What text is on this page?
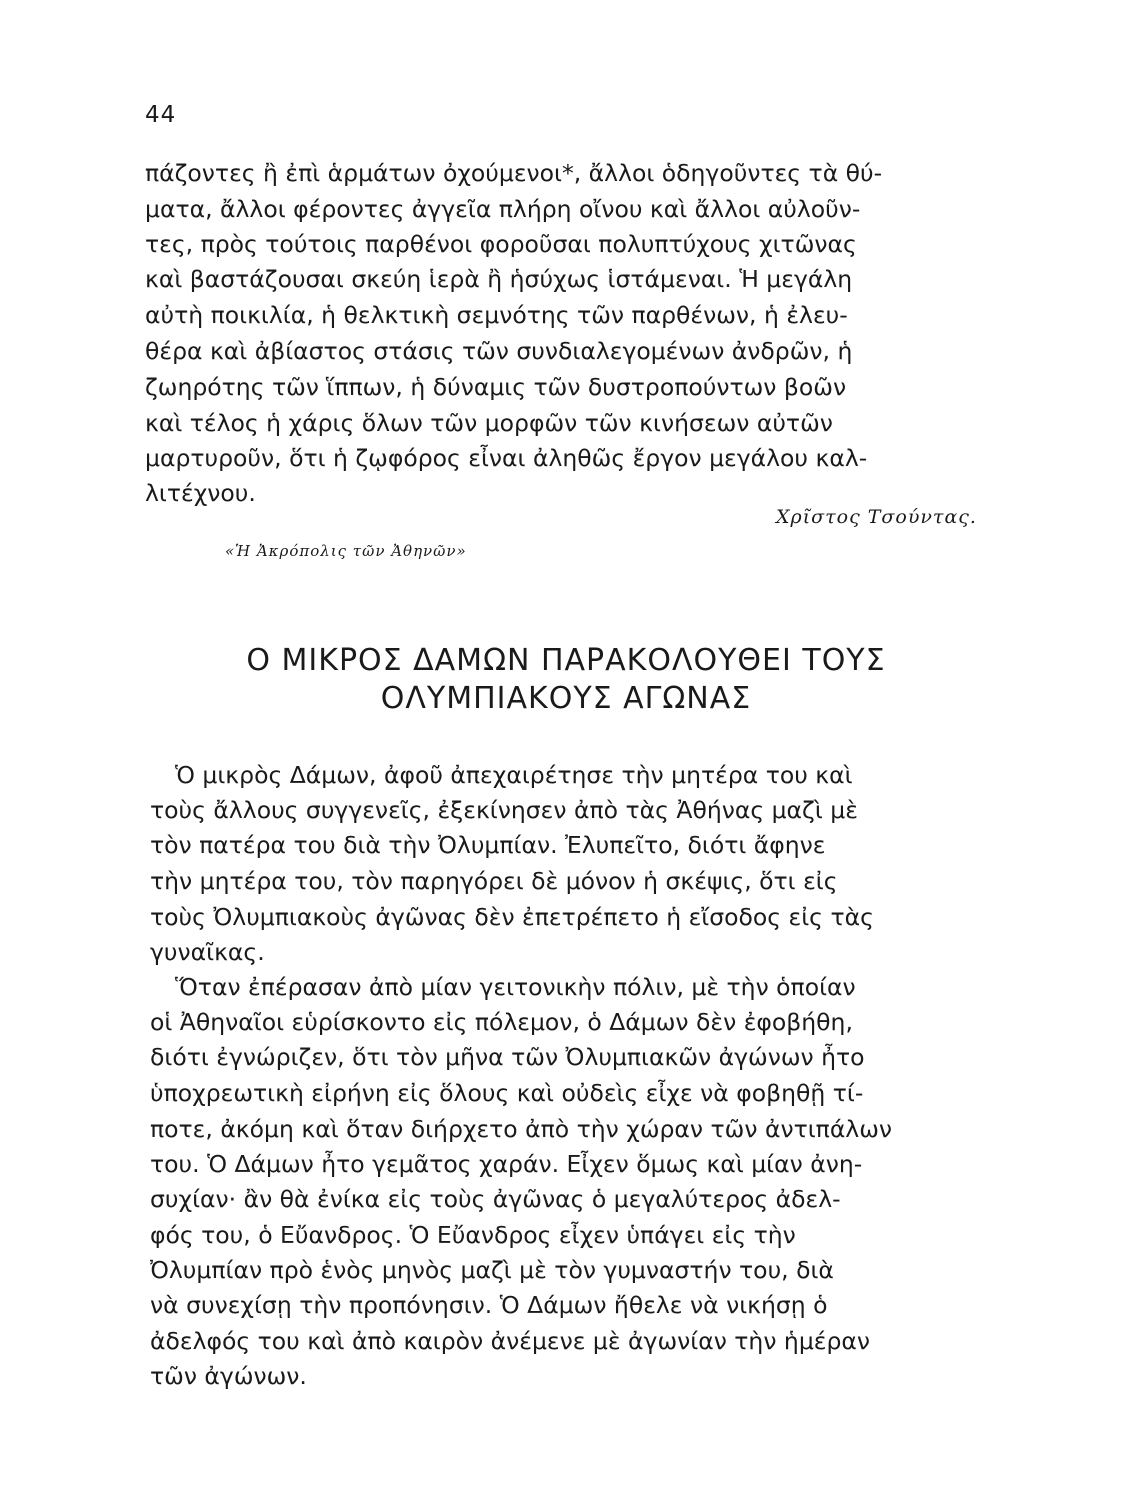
44
πάζοντες ἢ ἐπὶ ἁρμάτων ὀχούμενοι*, ἄλλοι ὁδηγοῦντες τὰ θύ-
ματα, ἄλλοι φέροντες ἀγγεῖα πλήρη οἴνου καὶ ἄλλοι αὐλοῦν-
τες, πρὸς τούτοις παρθένοι φοροῦσαι πολυπτύχους χιτῶνας
καὶ βαστάζουσαι σκεύη ἱερὰ ἢ ἡσύχως ἱστάμεναι. Ἡ μεγάλη
αὐτὴ ποικιλία, ἡ θελκτικὴ σεμνότης τῶν παρθένων, ἡ ἐλευ-
θέρα καὶ ἀβίαστος στάσις τῶν συνδιαλεγομένων ἀνδρῶν, ἡ
ζωηρότης τῶν ἵππων, ἡ δύναμις τῶν δυστροπούντων βοῶν
καὶ τέλος ἡ χάρις ὅλων τῶν μορφῶν τῶν κινήσεων αὐτῶν
μαρτυροῦν, ὅτι ἡ ζῳφόρος εἶναι ἀληθῶς ἔργον μεγάλου καλ-
λιτέχνου.
Χρῖστος Τσούντας.
«Ἡ Ἀκρόπολις τῶν Ἀθηνῶν»
Ο ΜΙΚΡΟΣ ΔΑΜΩΝ ΠΑΡΑΚΟΛΟΥΘΕΙ ΤΟΥΣ
ΟΛΥΜΠΙΑΚΟΥΣ ΑΓΩΝΑΣ
Ὁ μικρὸς Δάμων, ἀφοῦ ἀπεχαιρέτησε τὴν μητέρα του καὶ
τοὺς ἄλλους συγγενεῖς, ἐξεκίνησεν ἀπὸ τὰς Ἀθήνας μαζὶ μὲ
τὸν πατέρα του διὰ τὴν Ὀλυμπίαν. Ἐλυπεῖτο, διότι ἄφηνε
τὴν μητέρα του, τὸν παρηγόρει δὲ μόνον ἡ σκέψις, ὅτι εἰς
τοὺς Ὀλυμπιακοὺς ἀγῶνας δὲν ἐπετρέπετο ἡ εἴσοδος εἰς τὰς
γυναῖκας.
Ὅταν ἐπέρασαν ἀπὸ μίαν γειτονικὴν πόλιν, μὲ τὴν ὁποίαν
οἱ Ἀθηναῖοι εὑρίσκοντο εἰς πόλεμον, ὁ Δάμων δὲν ἐφοβήθη,
διότι ἐγνώριζεν, ὅτι τὸν μῆνα τῶν Ὀλυμπιακῶν ἀγώνων ἦτο
ὑποχρεωτικὴ εἰρήνη εἰς ὅλους καὶ οὐδεὶς εἶχε νὰ φοβηθῇ τί-
ποτε, ἀκόμη καὶ ὅταν διήρχετο ἀπὸ τὴν χώραν τῶν ἀντιπάλων
του. Ὁ Δάμων ἦτο γεμᾶτος χαράν. Εἶχεν ὅμως καὶ μίαν ἀνη-
συχίαν· ἂν θὰ ἐνίκα εἰς τοὺς ἀγῶνας ὁ μεγαλύτερος ἀδελ-
φός του, ὁ Εὔανδρος. Ὁ Εὔανδρος εἶχεν ὑπάγει εἰς τὴν
Ὀλυμπίαν πρὸ ἑνὸς μηνὸς μαζὶ μὲ τὸν γυμναστήν του, διὰ
νὰ συνεχίσῃ τὴν προπόνησιν. Ὁ Δάμων ἤθελε νὰ νικήσῃ ὁ
ἀδελφός του καὶ ἀπὸ καιρὸν ἀνέμενε μὲ ἀγωνίαν τὴν ἡμέραν
τῶν ἀγώνων.
